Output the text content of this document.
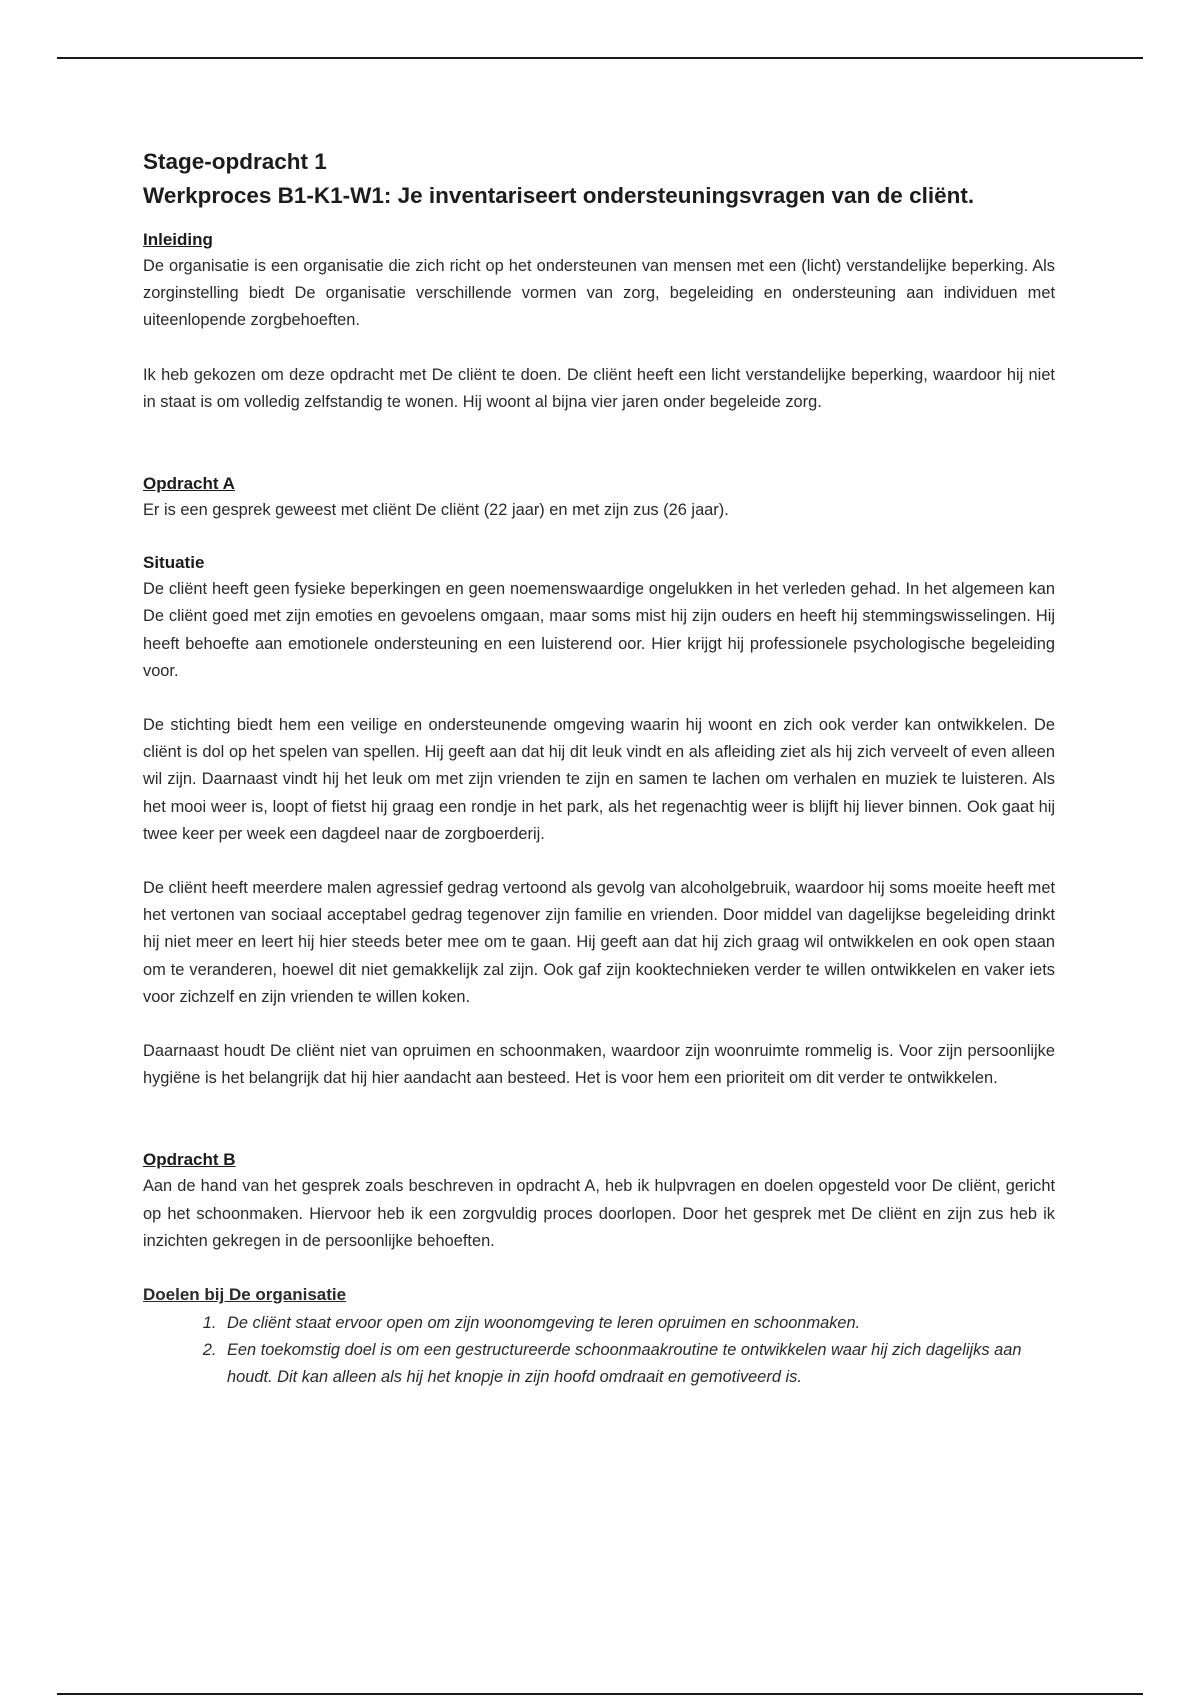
Stage-opdracht 1
Werkproces B1-K1-W1: Je inventariseert ondersteuningsvragen van de cliënt.
Inleiding

De organisatie is een organisatie die zich richt op het ondersteunen van mensen met een (licht) verstandelijke beperking. Als zorginstelling biedt De organisatie verschillende vormen van zorg, begeleiding en ondersteuning aan individuen met uiteenlopende zorgbehoeften.

Ik heb gekozen om deze opdracht met De cliënt te doen. De cliënt heeft een licht verstandelijke beperking, waardoor hij niet in staat is om volledig zelfstandig te wonen. Hij woont al bijna vier jaren onder begeleide zorg.

Opdracht A

Er is een gesprek geweest met cliënt De cliënt (22 jaar) en met zijn zus (26 jaar).

Situatie

De cliënt heeft geen fysieke beperkingen en geen noemenswaardige ongelukken in het verleden gehad. In het algemeen kan De cliënt goed met zijn emoties en gevoelens omgaan, maar soms mist hij zijn ouders en heeft hij stemmingswisselingen. Hij heeft behoefte aan emotionele ondersteuning en een luisterend oor. Hier krijgt hij professionele psychologische begeleiding voor.

De stichting biedt hem een veilige en ondersteunende omgeving waarin hij woont en zich ook verder kan ontwikkelen. De cliënt is dol op het spelen van spellen. Hij geeft aan dat hij dit leuk vindt en als afleiding ziet als hij zich verveelt of even alleen wil zijn. Daarnaast vindt hij het leuk om met zijn vrienden te zijn en samen te lachen om verhalen en muziek te luisteren. Als het mooi weer is, loopt of fietst hij graag een rondje in het park, als het regenachtig weer is blijft hij liever binnen. Ook gaat hij twee keer per week een dagdeel naar de zorgboerderij.

De cliënt heeft meerdere malen agressief gedrag vertoond als gevolg van alcoholgebruik, waardoor hij soms moeite heeft met het vertonen van sociaal acceptabel gedrag tegenover zijn familie en vrienden. Door middel van dagelijkse begeleiding drinkt hij niet meer en leert hij hier steeds beter mee om te gaan. Hij geeft aan dat hij zich graag wil ontwikkelen en ook open staan om te veranderen, hoewel dit niet gemakkelijk zal zijn. Ook gaf zijn kooktechnieken verder te willen ontwikkelen en vaker iets voor zichzelf en zijn vrienden te willen koken.

Daarnaast houdt De cliënt niet van opruimen en schoonmaken, waardoor zijn woonruimte rommelig is. Voor zijn persoonlijke hygiëne is het belangrijk dat hij hier aandacht aan besteed. Het is voor hem een prioriteit om dit verder te ontwikkelen.

Opdracht B

Aan de hand van het gesprek zoals beschreven in opdracht A, heb ik hulpvragen en doelen opgesteld voor De cliënt, gericht op het schoonmaken. Hiervoor heb ik een zorgvuldig proces doorlopen. Door het gesprek met De cliënt en zijn zus heb ik inzichten gekregen in de persoonlijke behoeften.

Doelen bij De organisatie
1. De cliënt staat ervoor open om zijn woonomgeving te leren opruimen en schoonmaken.
2. Een toekomstig doel is om een gestructureerde schoonmaakroutine te ontwikkelen waar hij zich dagelijks aan houdt. Dit kan alleen als hij het knopje in zijn hoofd omdraait en gemotiveerd is.
